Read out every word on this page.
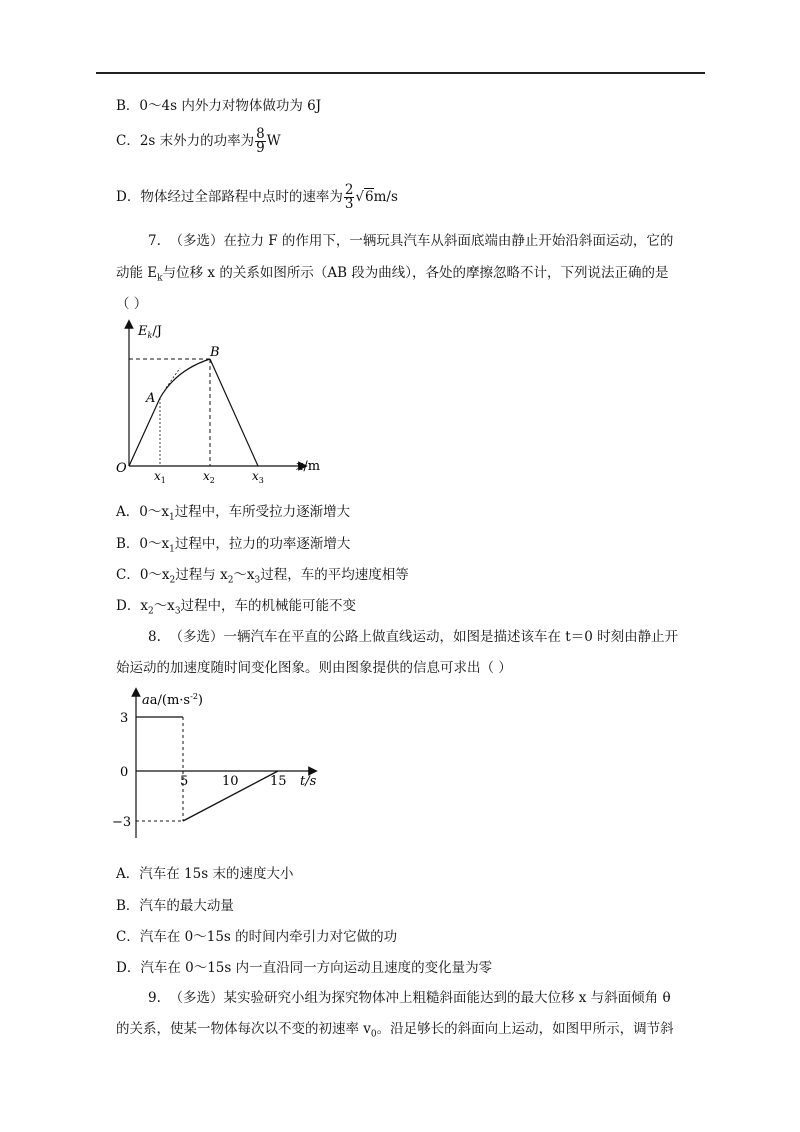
B．0～4s 内外力对物体做功为 6J
C．2s 末外力的功率为 $\frac{8}{9}$ W
D．物体经过全部路程中点时的速率为 $\frac{2}{3} √6m/s$
7. （多选）在拉力 F 的作用下，一辆玩具汽车从斜面底端由静止开始沿斜面运动，它的
动能 $E_k$与位移 x 的关系如图所示（AB 段为曲线），各处的摩擦忽略不计，下列说法正确的是
（ ）
$E_k/J$
x/m
O
A
B
$x_1$	$x_2$	$x_3$
A．$0\sim x_1$过程中，车所受拉力逐渐增大
B．$0\sim x_1$过程中，拉力的功率逐渐增大
C．$0\sim x_2$过程与 $x_2\sim x_3$过程，车的平均速度相等
D．$x_2\sim x_3$过程中，车的机械能可能不变
8. （多选）一辆汽车在平直的公路上做直线运动，如图是描述该车在 t＝0 时刻由静止开
始运动的加速度随时间变化图象。则由图象提供的信息可求出（ ）
$aa/(m\cdot s^{-2})$
t/s
3
0
−3
5	10 15
A．汽车在 15s 末的速度大小
B．汽车的最大动量
C．汽车在 0～15s 的时间内牵引力对它做的功
D．汽车在 0～15s 内一直沿同一方向运动且速度的变化量为零
9. （多选）某实验研究小组为探究物体冲上粗糙斜面能达到的最大位移 x 与斜面倾角 θ
的关系，使某一物体每次以不变的初速率 $v_0$。沿足够长的斜面向上运动，如图甲所示，调节斜
